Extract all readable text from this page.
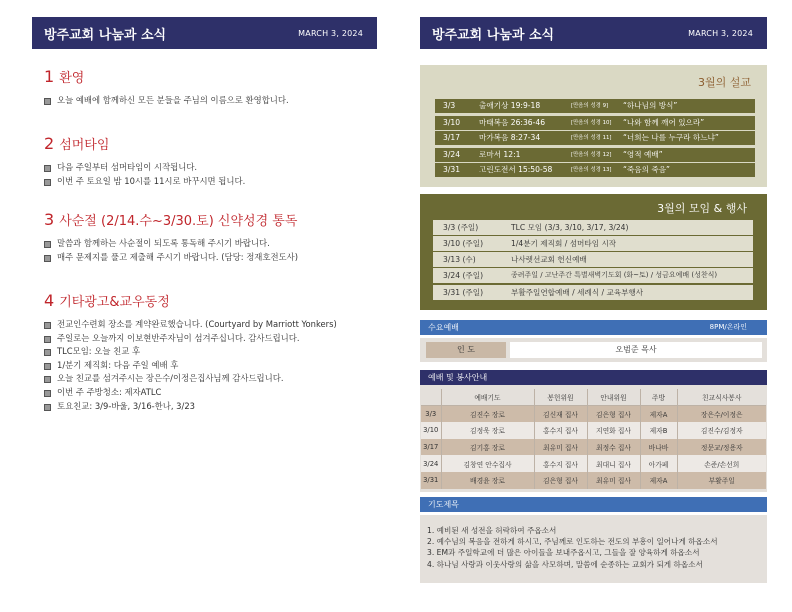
방주교회 나눔과 소식	MARCH 3, 2024
1 환영
오늘 예배에 함께하신 모든 분들을 주님의 이름으로 환영합니다.
2 섬머타임
다음 주일부터 섬머타임이 시작됩니다.
이번 주 토요일 밤 10시를 11시로 바꾸시면 됩니다.
3 사순절 (2/14.수~3/30.토) 신약성경 통독
말씀과 함께하는 사순절이 되도록 통독해 주시기 바랍니다.
매주 문제지를 풀고 제출해 주시기 바랍니다. (담당: 정재호전도사)
4 기타광고&교우동정
전교인수련회 장소를 계약완료했습니다. (Courtyard by Marriott Yonkers)
주일로는 오늘까지 이보현반주자님이 섬겨주십니다. 감사드립니다.
TLC모임: 오늘 친교 후
1/분기 제직회: 다음 주일 예배 후
오늘 친교를 섬겨주시는 장은수/이정은집사님께 감사드립니다.
이번 주 주방청소: 제자ATLC
토요친교: 3/9-바울, 3/16-한나, 3/23
방주교회 나눔과 소식	MARCH 3, 2024
3월의 설교
3/3	출애기상 19:9-18	[만음의 성경 9] “하나님의 방식”
3/10 마태복음 26:36-46	[만음의 성경 10] “나와 함께 깨어 있으라”
3/17 마가복음 8:27-34	[만음의 성경 11] “너희는 나를 누구라 하느냐”
3/24 로마서 12:1	[만음의 성경 12] “영적 예배”
3/31 고린도전서 15:50-58	[만음의 성경 13] “죽음의 죽음”
3월의 모임 & 행사
3/3 (주일)	TLC 모임 (3/3, 3/10, 3/17, 3/24)
3/10 (주일)	1/4분기 제직회 / 섬머타임 시작
3/13 (수)	나사렛선교회 헌신예배
3/24 (주일)	종려주일 / 고난주간 특별새벽기도회 (화~토) / 성금요예배 (성찬식)
3/31 (주일)	부활주일연합예배 / 세례식 / 교육부행사
수요예배	8PM/온라인
인 도	오범준 목사
예배 및 봉사안내
	예배기도	봉헌위원	안내위원	주방	친교식사봉사
3/3	김진수 장로	김신재 집사	김은형 집사	제자A	장은수/이정은
3/10	김정욱 장로	홍수지 집사	지연화 집사	제자B	김진수/김정자
3/17	김기홍 장로	최유미 집사	최정수 집사	바나바	정문교/정용자
3/24	김창연 안수집사	홍수지 집사	최대니 집사	아가페	손준/손선희
3/31	배경윤 장로	김은형 집사	최유미 집사	제자A	부활주일
기도제목

1. 예비된 새 성전을 허락하여 주옵소서

2. 예수님의 복음을 전하게 하시고, 주님께로 인도하는 전도의 부흥이 일어나게 하옵소서

3. EM과 주일학교에 더 많은 아이들을 보내주옵시고, 그들을 잘 양육하게 하옵소서

4. 하나님 사랑과 이웃사랑의 삶을 사모하며, 말씀에 순종하는 교회가 되게 하옵소서
